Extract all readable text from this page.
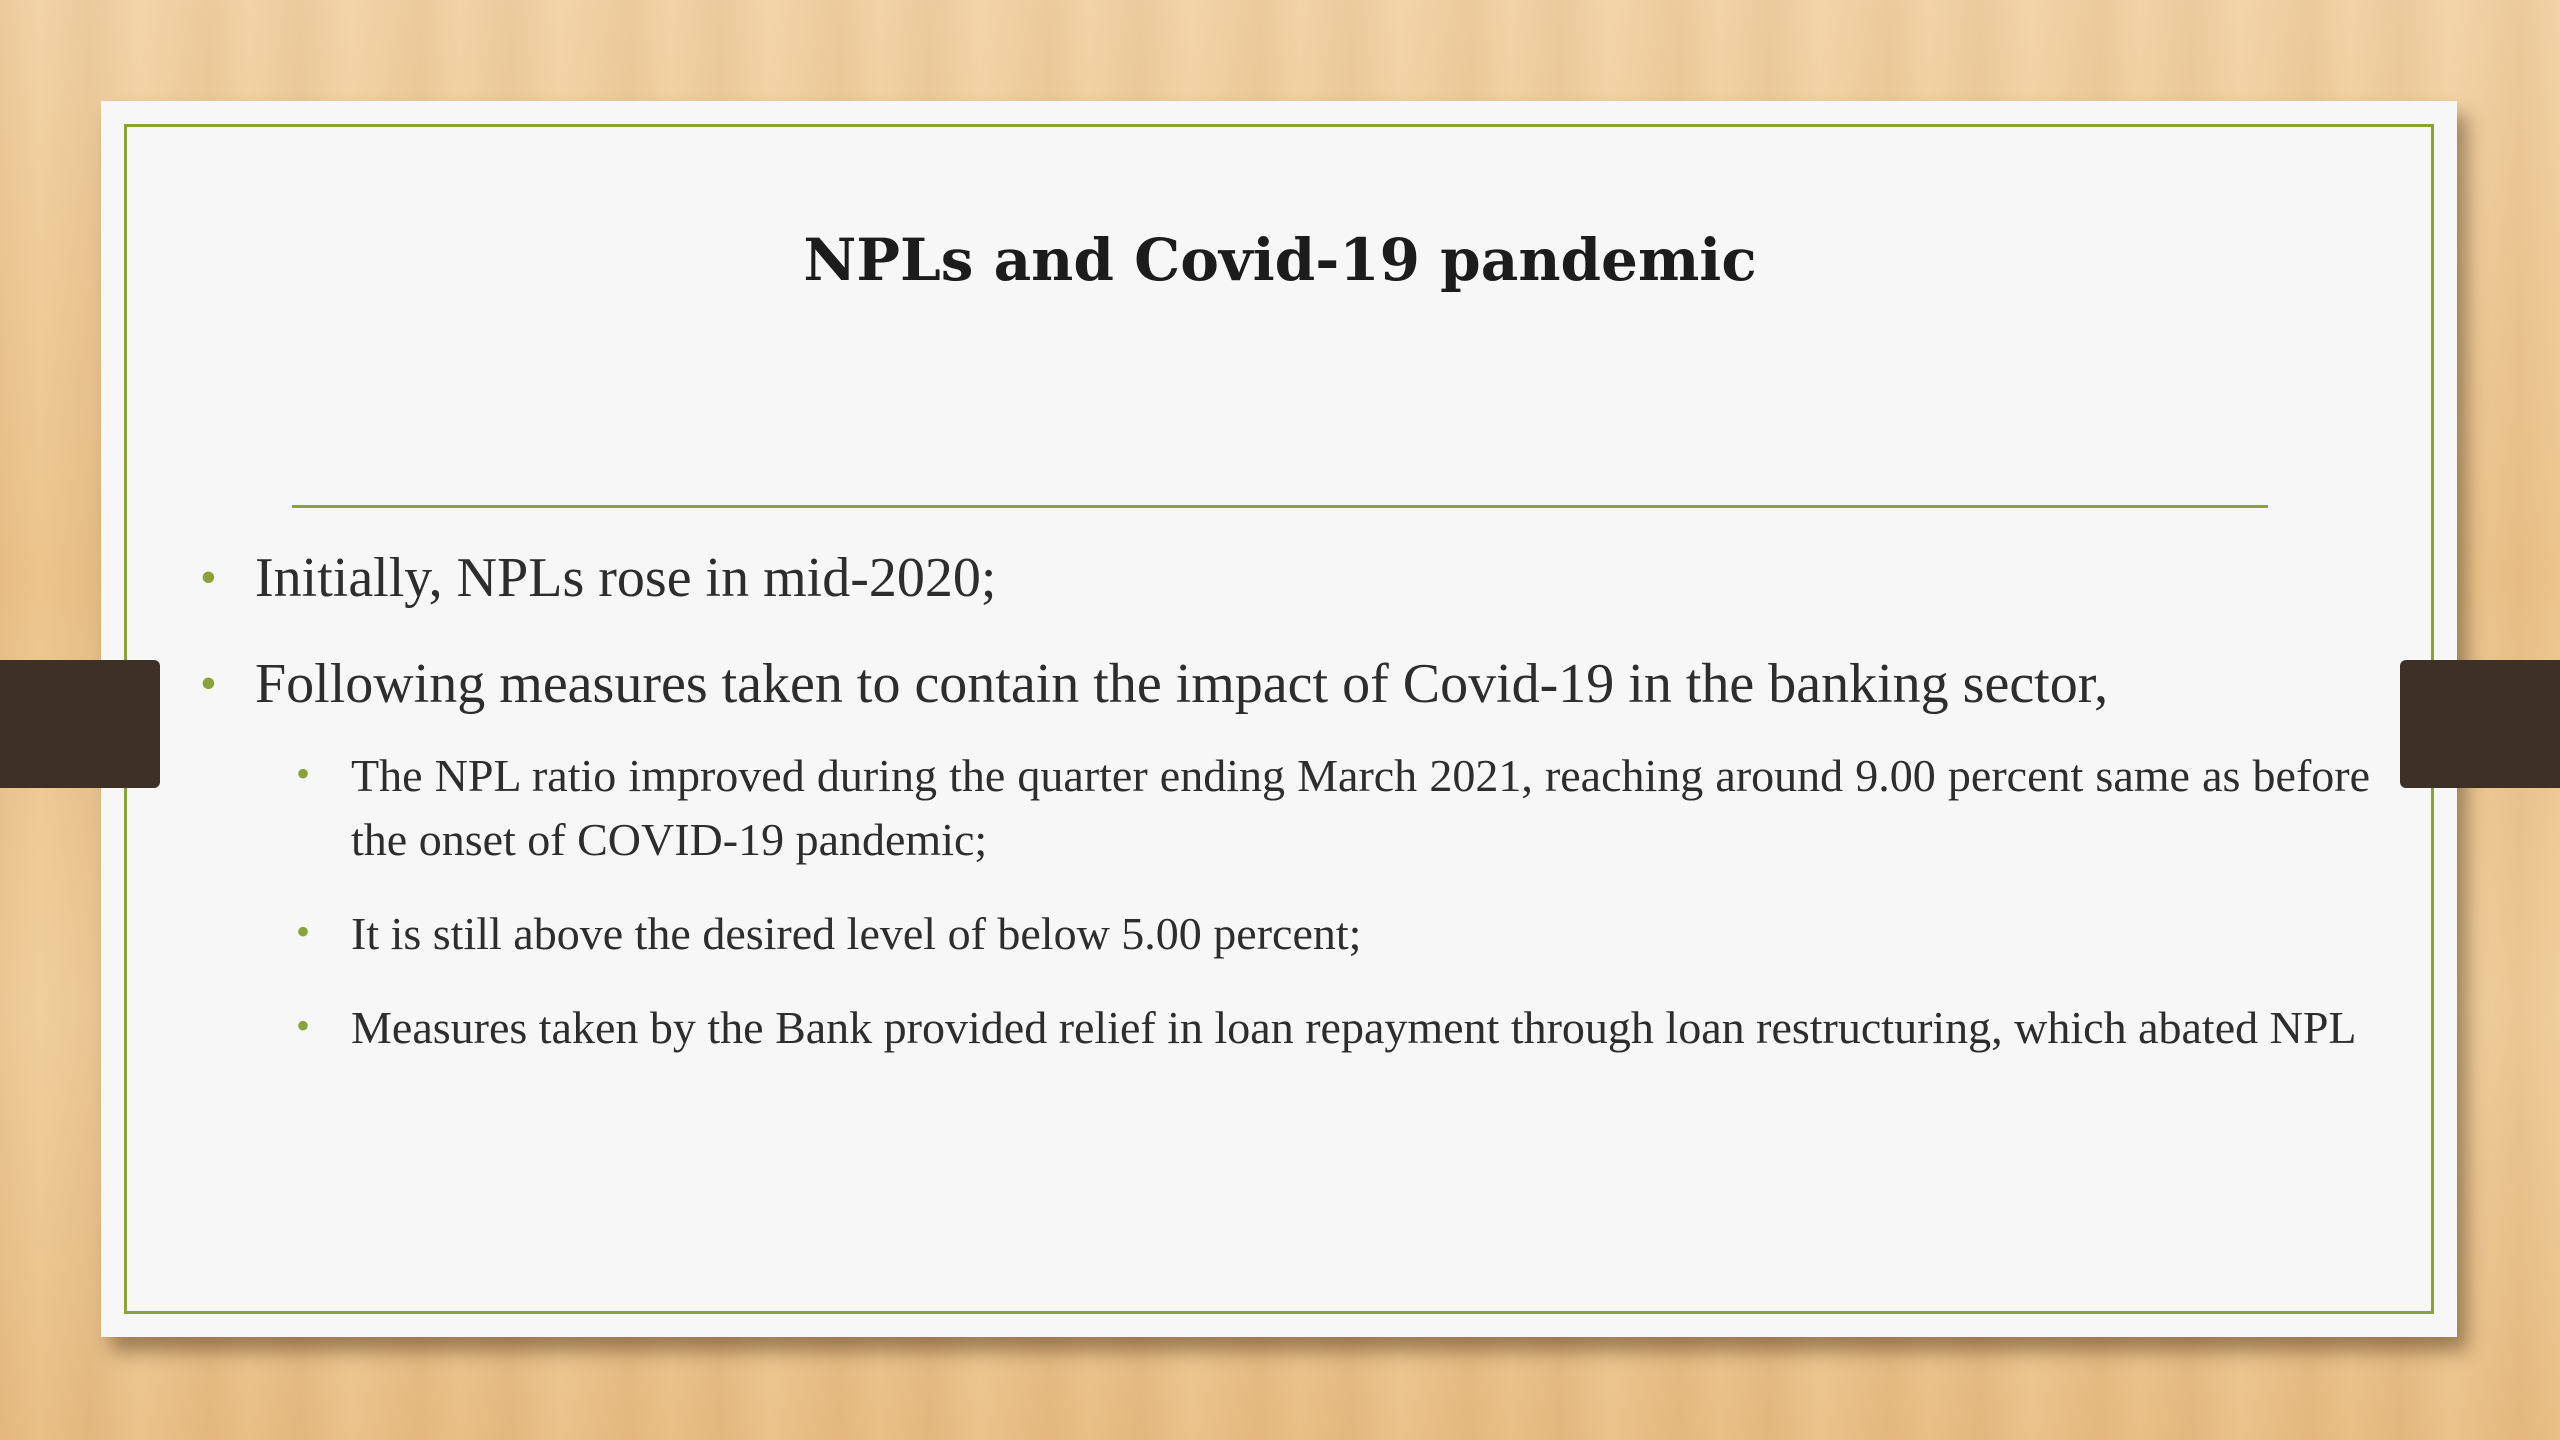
NPLs and Covid-19 pandemic
• Initially, NPLs rose in mid-2020;
• Following measures taken to contain the impact of Covid-19 in the banking sector,
• The NPL ratio improved during the quarter ending March 2021, reaching around 9.00 percent same as before the onset of COVID-19 pandemic;
• It is still above the desired level of below 5.00 percent;
• Measures taken by the Bank provided relief in loan repayment through loan restructuring, which abated NPL
